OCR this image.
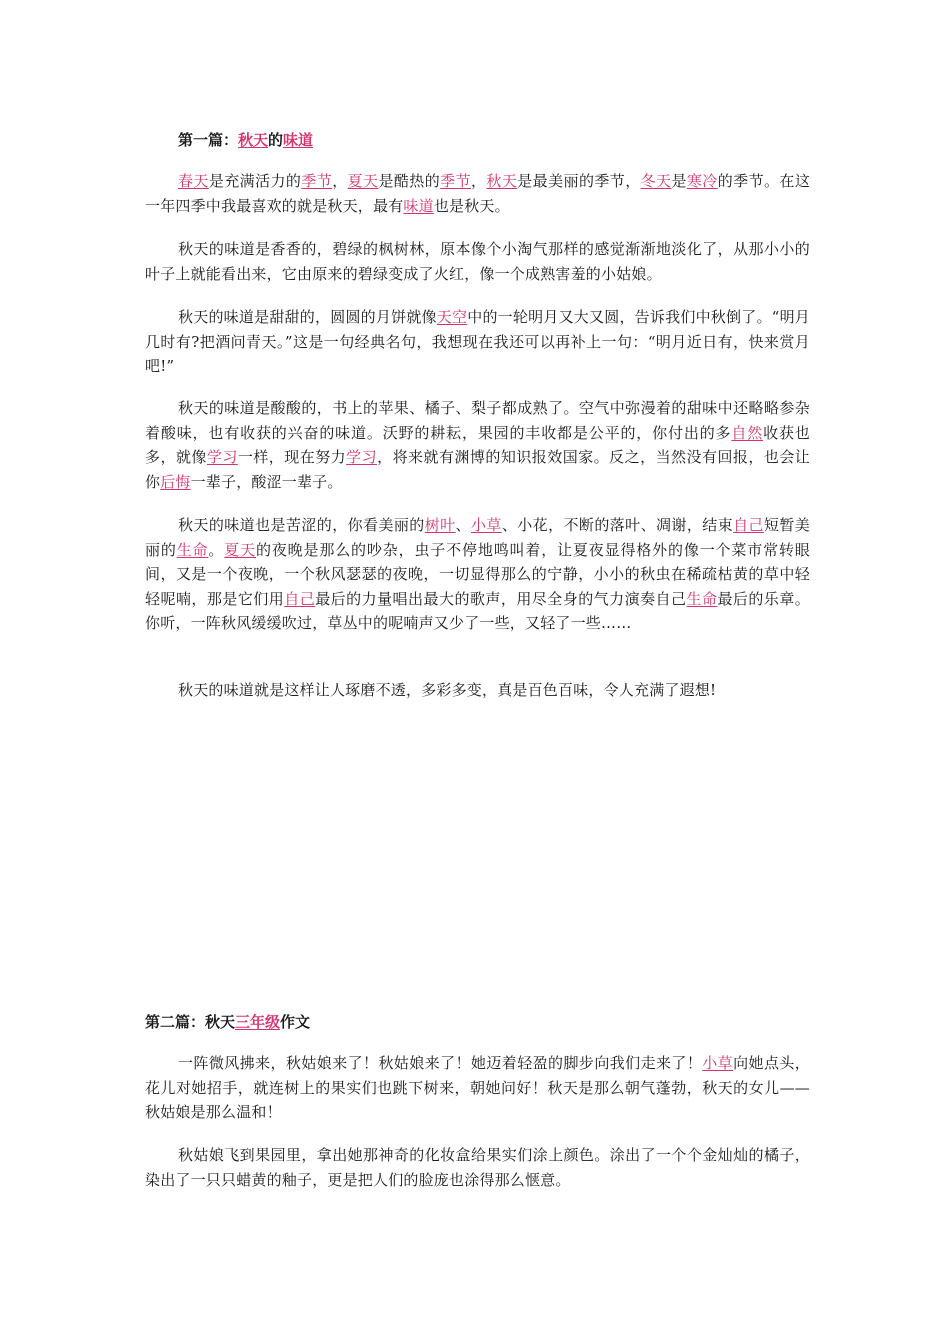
第一篇：秋天的味道

春天是充满活力的季节，夏天是酷热的季节，秋天是最美丽的季节，冬天是寒冷的季节。在这一年四季中我最喜欢的就是秋天，最有味道也是秋天。

秋天的味道是香香的，碧绿的枫树林，原本像个小淘气那样的感觉渐渐地淡化了，从那小小的叶子上就能看出来，它由原来的碧绿变成了火红，像一个成熟害羞的小姑娘。

秋天的味道是甜甜的，圆圆的月饼就像天空中的一轮明月又大又圆，告诉我们中秋倒了。“明月几时有?把酒问青天。”这是一句经典名句，我想现在我还可以再补上一句：“明月近日有，快来赏月吧!”

秋天的味道是酸酸的，书上的苹果、橘子、梨子都成熟了。空气中弥漫着的甜味中还略略参杂着酸味，也有收获的兴奋的味道。沃野的耕耘，果园的丰收都是公平的，你付出的多自然收获也多，就像学习一样，现在努力学习，将来就有渊博的知识报效国家。反之，当然没有回报，也会让你后悔一辈子，酸涩一辈子。

秋天的味道也是苦涩的，你看美丽的树叶、小草、小花，不断的落叶、凋谢，结束自己短暂美丽的生命。夏天的夜晚是那么的吵杂，虫子不停地鸣叫着，让夏夜显得格外的像一个菜市常转眼间，又是一个夜晚，一个秋风瑟瑟的夜晚，一切显得那么的宁静，小小的秋虫在稀疏枯黄的草中轻轻呢喃，那是它们用自己最后的力量唱出最大的歌声，用尽全身的气力演奏自己生命最后的乐章。你听，一阵秋风缓缓吹过，草丛中的呢喃声又少了一些，又轻了一些……

秋天的味道就是这样让人琢磨不透，多彩多变，真是百色百味，令人充满了遐想!

第二篇：秋天三年级作文

一阵微风拂来，秋姑娘来了！秋姑娘来了！她迈着轻盈的脚步向我们走来了！小草向她点头，花儿对她招手，就连树上的果实们也跳下树来，朝她问好！秋天是那么朝气蓬勃，秋天的女儿——秋姑娘是那么温和！

秋姑娘飞到果园里，拿出她那神奇的化妆盒给果实们涂上颜色。涂出了一个个金灿灿的橘子，染出了一只只蜡黄的釉子，更是把人们的脸庞也涂得那么惬意。
